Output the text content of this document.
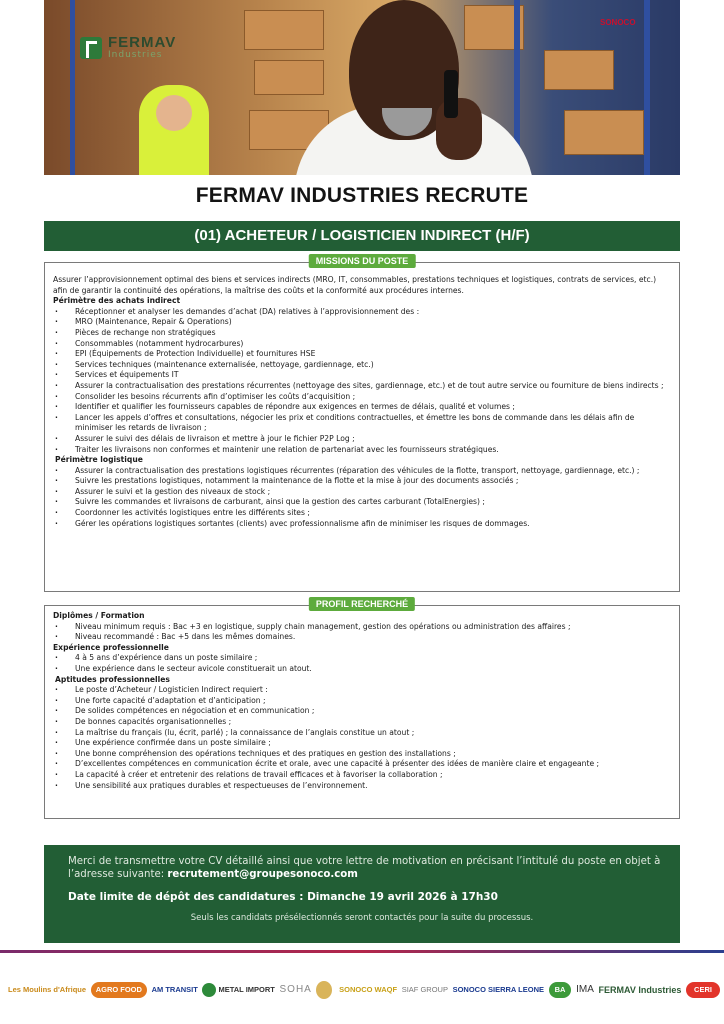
FERMAV
Industries
SONOCO
FERMAV INDUSTRIES RECRUTE
(01) ACHETEUR / LOGISTICIEN INDIRECT (H/F)
Assurer l’approvisionnement optimal des biens et services indirects (MRO, IT, consommables, prestations techniques et logistiques, contrats de services, etc.) afin de garantir la continuité des opérations, la maîtrise des coûts et la conformité aux procédures internes.
Périmètre des achats indirect
· Réceptionner et analyser les demandes d’achat (DA) relatives à l’approvisionnement des :
· MRO (Maintenance, Repair & Operations)
· Pièces de rechange non stratégiques
· Consommables (notamment hydrocarbures)
· EPI (Équipements de Protection Individuelle) et fournitures HSE
· Services techniques (maintenance externalisée, nettoyage, gardiennage, etc.)
· Services et équipements IT
· Assurer la contractualisation des prestations récurrentes (nettoyage des sites, gardiennage, etc.) et de tout autre service ou fourniture de biens indirects ;
· Consolider les besoins récurrents afin d’optimiser les coûts d’acquisition ;
· Identifier et qualifier les fournisseurs capables de répondre aux exigences en termes de délais, qualité et volumes ;
· Lancer les appels d’offres et consultations, négocier les prix et conditions contractuelles, et émettre les bons de commande dans les délais afin de minimiser les retards de livraison ;
· Assurer le suivi des délais de livraison et mettre à jour le fichier P2P Log ;
· Traiter les livraisons non conformes et maintenir une relation de partenariat avec les fournisseurs stratégiques.
Périmètre logistique
· Assurer la contractualisation des prestations logistiques récurrentes (réparation des véhicules de la flotte, transport, nettoyage, gardiennage, etc.) ;
· Suivre les prestations logistiques, notamment la maintenance de la flotte et la mise à jour des documents associés ;
· Assurer le suivi et la gestion des niveaux de stock ;
· Suivre les commandes et livraisons de carburant, ainsi que la gestion des cartes carburant (TotalEnergies) ;
· Coordonner les activités logistiques entre les différents sites ;
· Gérer les opérations logistiques sortantes (clients) avec professionnalisme afin de minimiser les risques de dommages.
MISSIONS DU POSTE
Diplômes / Formation
· Niveau minimum requis : Bac +3 en logistique, supply chain management, gestion des opérations ou administration des affaires ;
· Niveau recommandé : Bac +5 dans les mêmes domaines.
Expérience professionnelle
· 4 à 5 ans d’expérience dans un poste similaire ;
· Une expérience dans le secteur avicole constituerait un atout.
Aptitudes professionnelles
· Le poste d’Acheteur / Logisticien Indirect requiert :
· Une forte capacité d’adaptation et d’anticipation ;
· De solides compétences en négociation et en communication ;
· De bonnes capacités organisationnelles ;
· La maîtrise du français (lu, écrit, parlé) ; la connaissance de l’anglais constitue un atout ;
· Une expérience confirmée dans un poste similaire ;
· Une bonne compréhension des opérations techniques et des pratiques en gestion des installations ;
· D’excellentes compétences en communication écrite et orale, avec une capacité à présenter des idées de manière claire et engageante ;
· La capacité à créer et entretenir des relations de travail efficaces et à favoriser la collaboration ;
· Une sensibilité aux pratiques durables et respectueuses de l’environnement.
PROFIL RECHERCHÉ
Merci de transmettre votre CV détaillé ainsi que votre lettre de motivation en précisant l’intitulé du poste en objet à l’adresse suivante: recrutement@groupesonoco.com
Date limite de dépôt des candidatures : Dimanche 19 avril 2026 à 17h30
Seuls les candidats présélectionnés seront contactés pour la suite du processus.
Les Moulins d'Afrique	AGRO FOOD	AM TRANSIT	METAL IMPORT SOHA	SONOCO WAQF SIAF GROUP SONOCO SIERRA LEONE	BA	IMA FERMAV Industries	CERI
